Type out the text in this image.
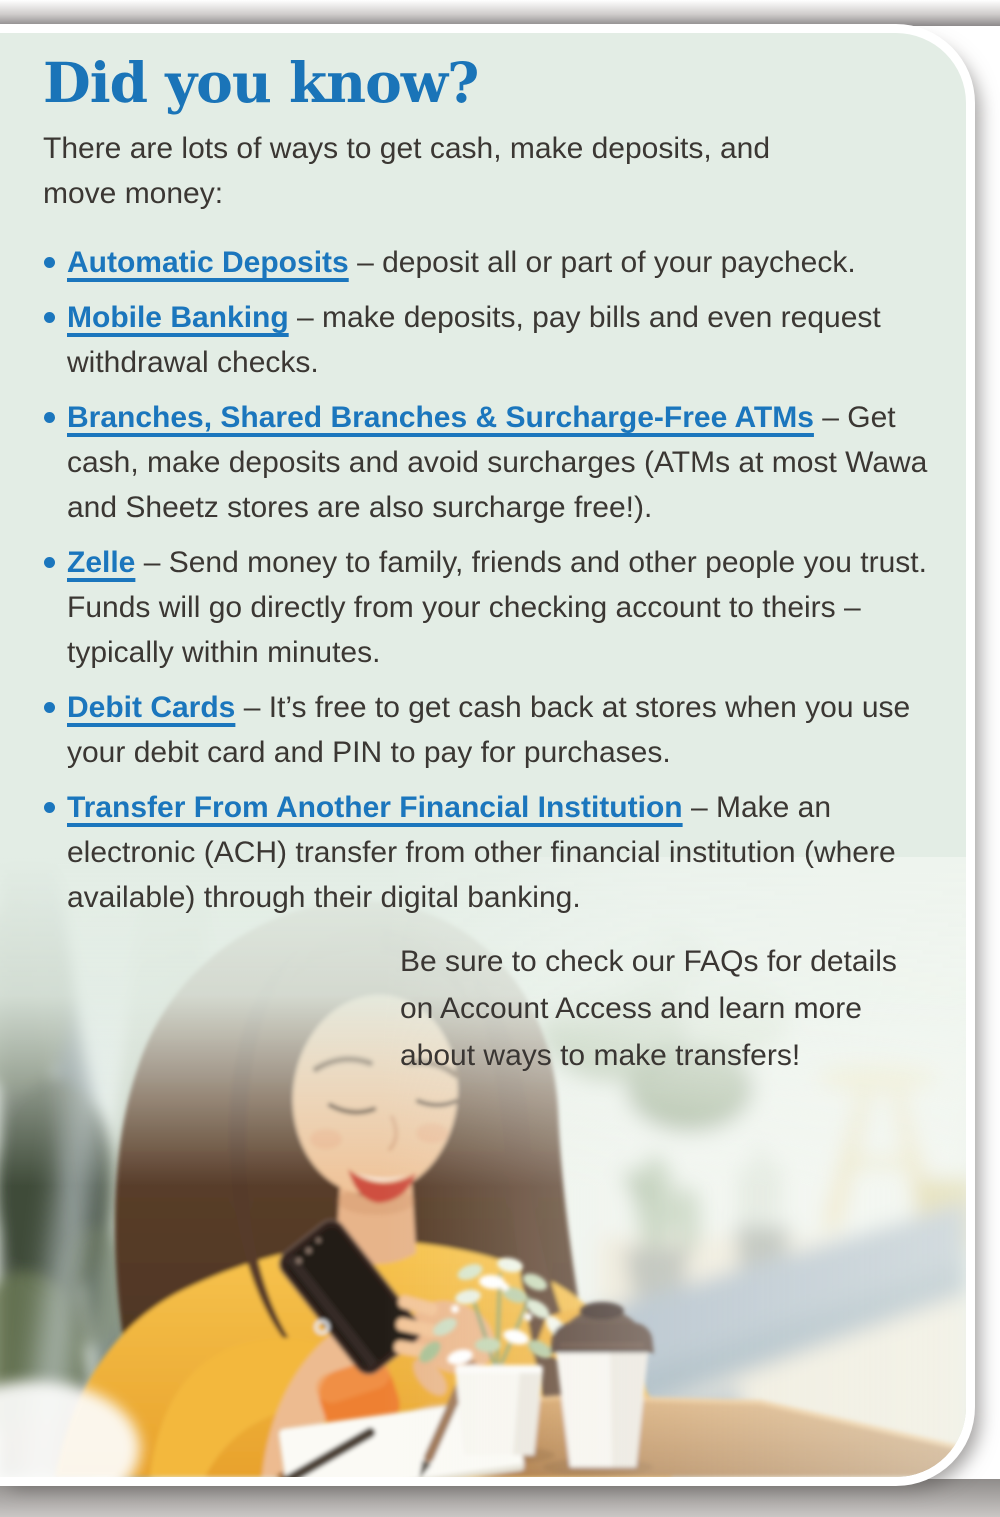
Did you know?

There are lots of ways to get cash, make deposits, and move money:

Automatic Deposits – deposit all or part of your paycheck.
Mobile Banking – make deposits, pay bills and even request withdrawal checks.
Branches, Shared Branches & Surcharge-Free ATMs – Get cash, make deposits and avoid surcharges (ATMs at most Wawa and Sheetz stores are also surcharge free!).
Zelle – Send money to family, friends and other people you trust. Funds will go directly from your checking account to theirs – typically within minutes.
Debit Cards – It’s free to get cash back at stores when you use your debit card and PIN to pay for purchases.
Transfer From Another Financial Institution – Make an electronic (ACH) transfer from other financial institution (where available) through their digital banking.
Be sure to check our FAQs for details on Account Access and learn more about ways to make transfers!
